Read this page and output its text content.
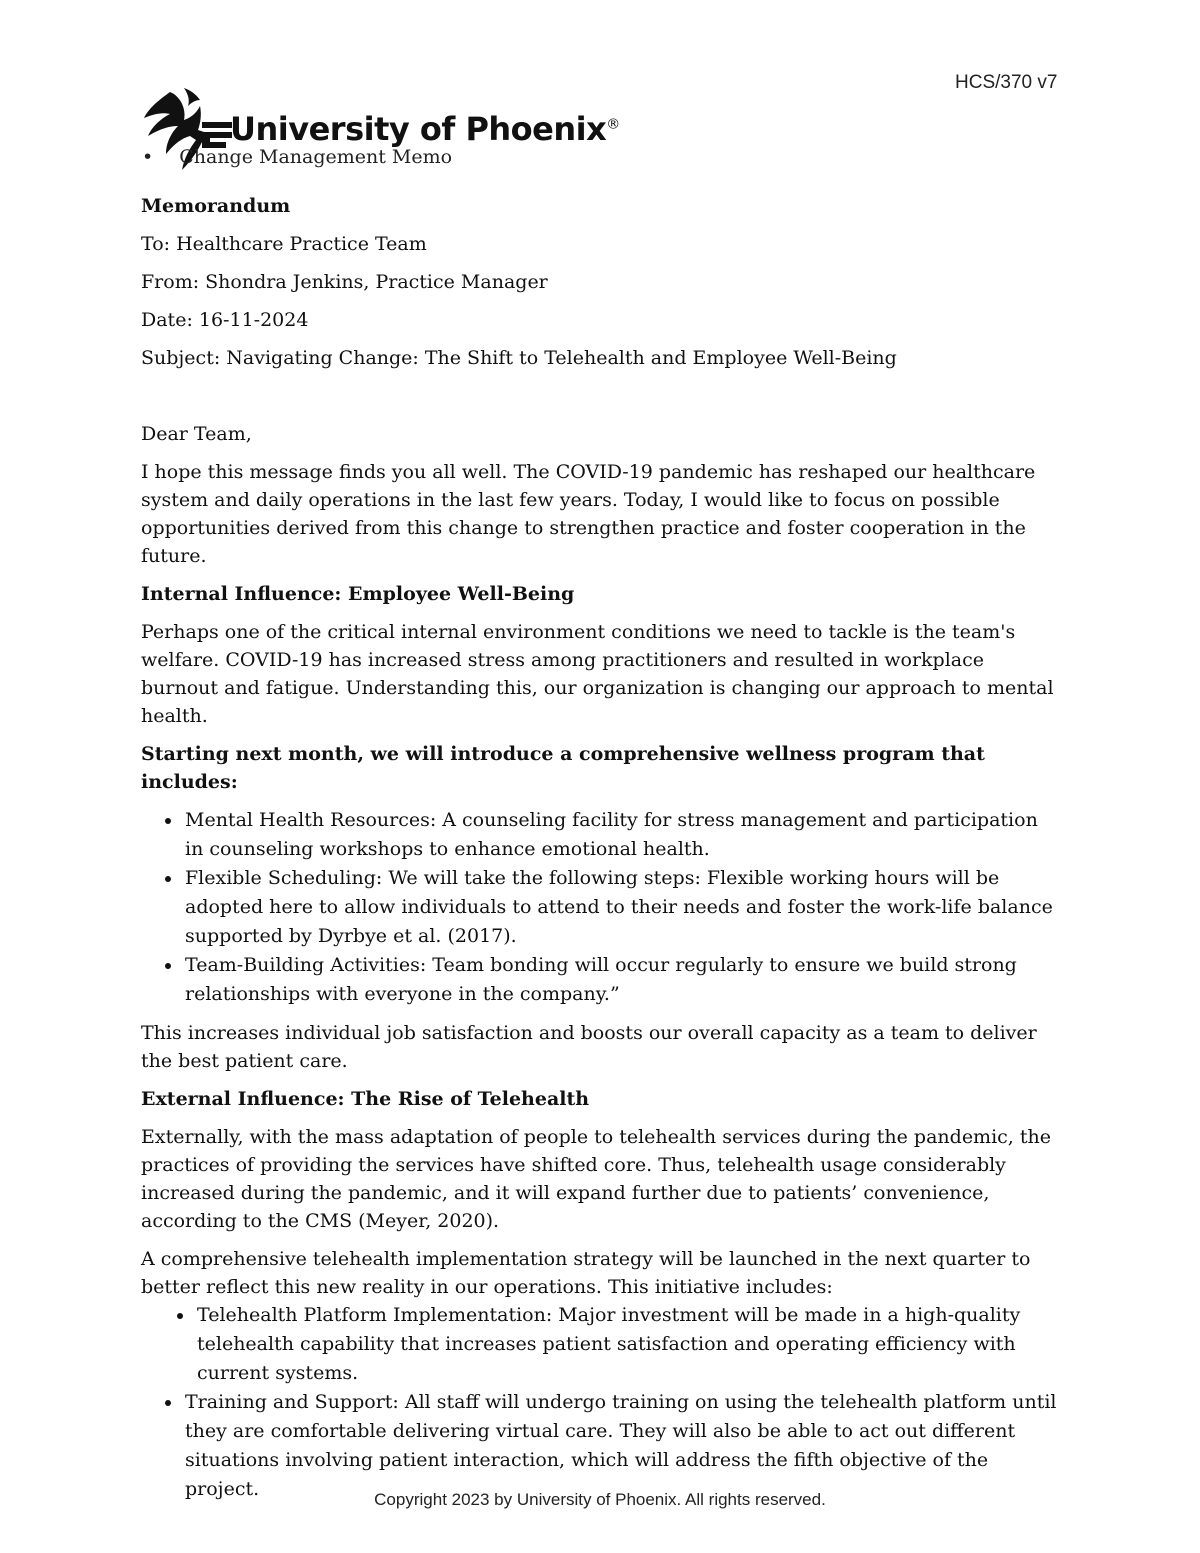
HCS/370 v7
University of Phoenix®
• Change Management Memo

Memorandum

To: Healthcare Practice Team

From: Shondra Jenkins, Practice Manager

Date: 16-11-2024

Subject: Navigating Change: The Shift to Telehealth and Employee Well-Being

Dear Team,

I hope this message finds you all well. The COVID-19 pandemic has reshaped our healthcare system and daily operations in the last few years. Today, I would like to focus on possible opportunities derived from this change to strengthen practice and foster cooperation in the future.

Internal Influence: Employee Well-Being

Perhaps one of the critical internal environment conditions we need to tackle is the team's welfare. COVID-19 has increased stress among practitioners and resulted in workplace burnout and fatigue. Understanding this, our organization is changing our approach to mental health.

Starting next month, we will introduce a comprehensive wellness program that includes:

• Mental Health Resources: A counseling facility for stress management and participation in counseling workshops to enhance emotional health.
• Flexible Scheduling: We will take the following steps: Flexible working hours will be adopted here to allow individuals to attend to their needs and foster the work-life balance supported by Dyrbye et al. (2017).
• Team-Building Activities: Team bonding will occur regularly to ensure we build strong relationships with everyone in the company.”

This increases individual job satisfaction and boosts our overall capacity as a team to deliver the best patient care.

External Influence: The Rise of Telehealth

Externally, with the mass adaptation of people to telehealth services during the pandemic, the practices of providing the services have shifted core. Thus, telehealth usage considerably increased during the pandemic, and it will expand further due to patients’ convenience, according to the CMS (Meyer, 2020).

A comprehensive telehealth implementation strategy will be launched in the next quarter to better reflect this new reality in our operations. This initiative includes:

• Telehealth Platform Implementation: Major investment will be made in a high-quality telehealth capability that increases patient satisfaction and operating efficiency with current systems.
• Training and Support: All staff will undergo training on using the telehealth platform until they are comfortable delivering virtual care. They will also be able to act out different situations involving patient interaction, which will address the fifth objective of the project.	Copyright 2023 by University of Phoenix. All rights reserved.
